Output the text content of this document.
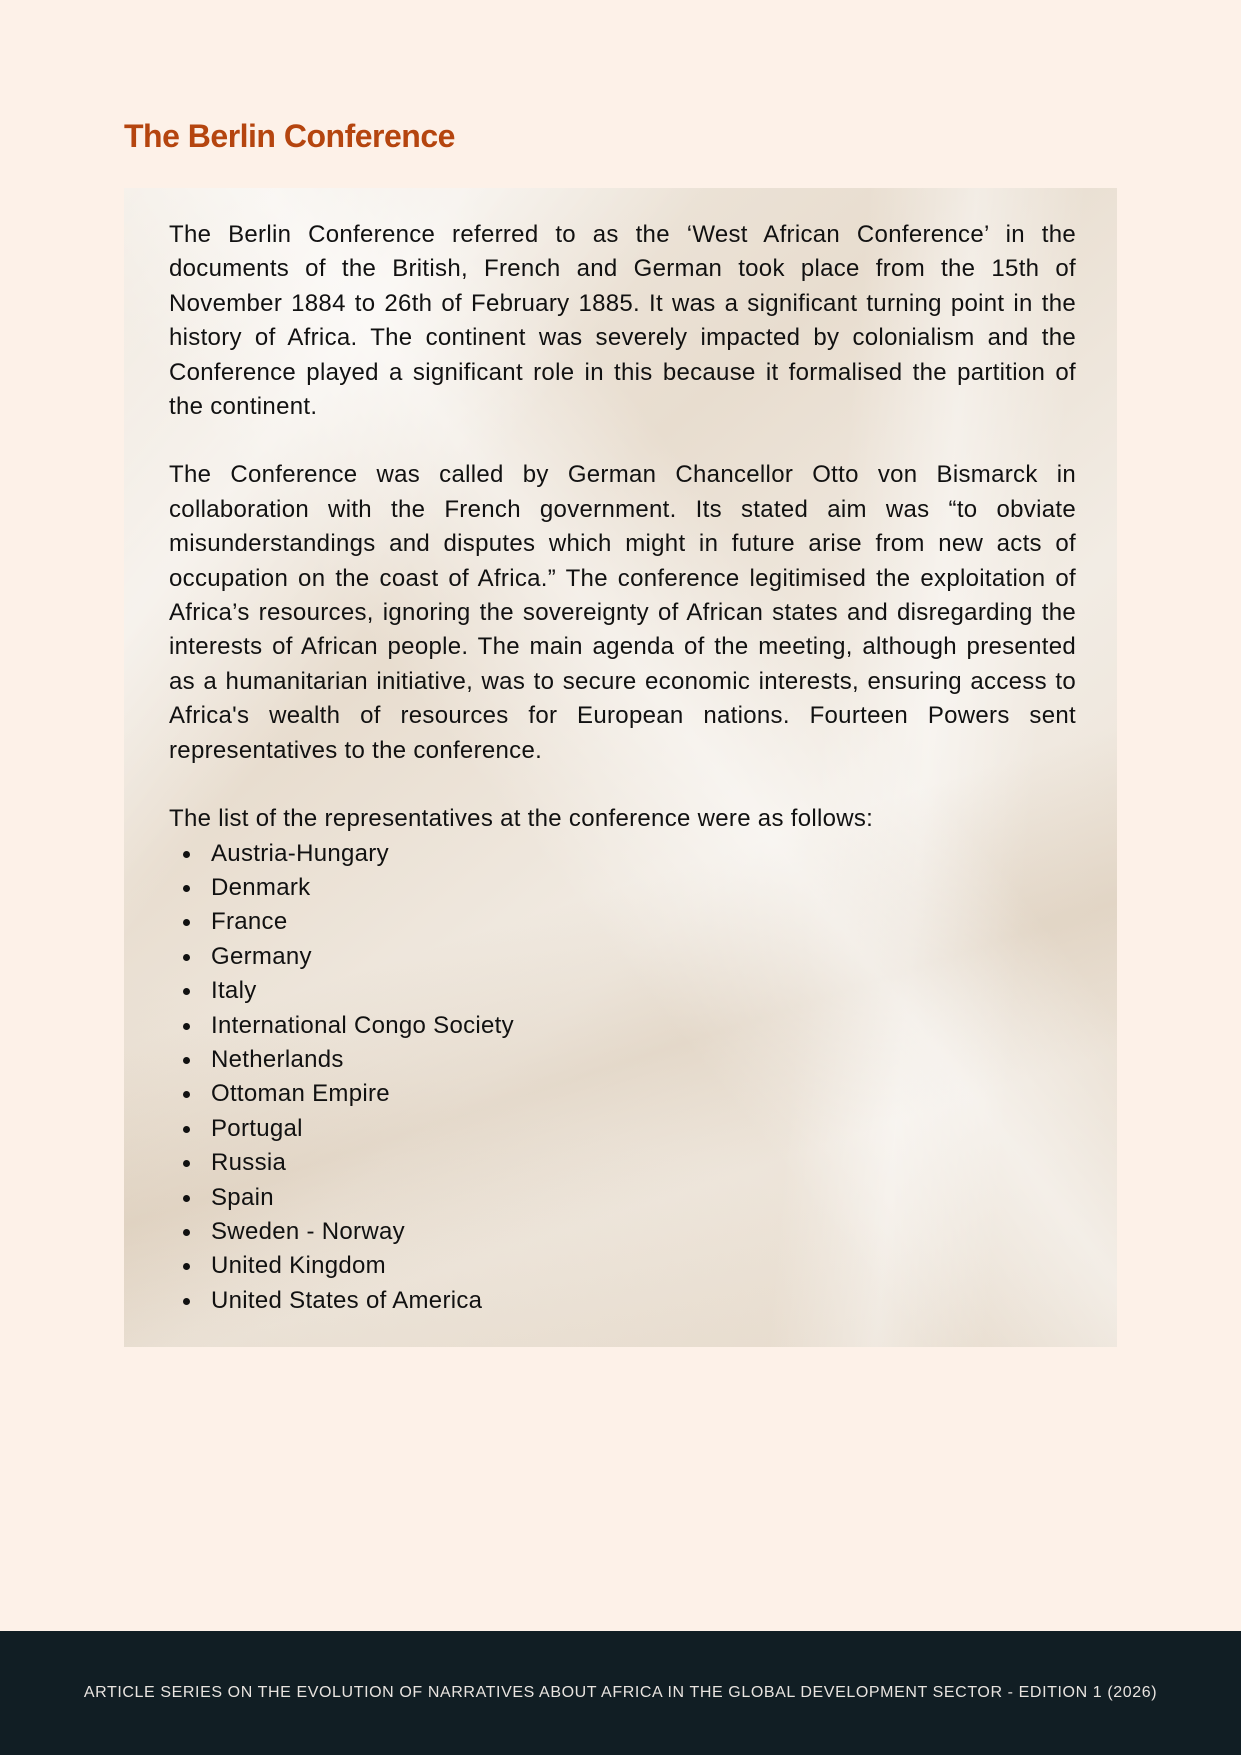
The Berlin Conference

The Berlin Conference referred to as the ‘West African Conference’ in the documents of the British, French and German took place from the 15th of November 1884 to 26th of February 1885. It was a significant turning point in the history of Africa. The continent was severely impacted by colonialism and the Conference played a significant role in this because it formalised the partition of the continent.

The Conference was called by German Chancellor Otto von Bismarck in collaboration with the French government. Its stated aim was “to obviate misunderstandings and disputes which might in future arise from new acts of occupation on the coast of Africa.” The conference legitimised the exploitation of Africa’s resources, ignoring the sovereignty of African states and disregarding the interests of African people. The main agenda of the meeting, although presented as a humanitarian initiative, was to secure economic interests, ensuring access to Africa's wealth of resources for European nations. Fourteen Powers sent representatives to the conference.

The list of the representatives at the conference were as follows:

Austria-Hungary
Denmark
France
Germany
Italy
International Congo Society
Netherlands
Ottoman Empire
Portugal
Russia
Spain
Sweden - Norway
United Kingdom
United States of America
ARTICLE SERIES ON THE EVOLUTION OF NARRATIVES ABOUT AFRICA IN THE GLOBAL DEVELOPMENT SECTOR - EDITION 1 (2026)
